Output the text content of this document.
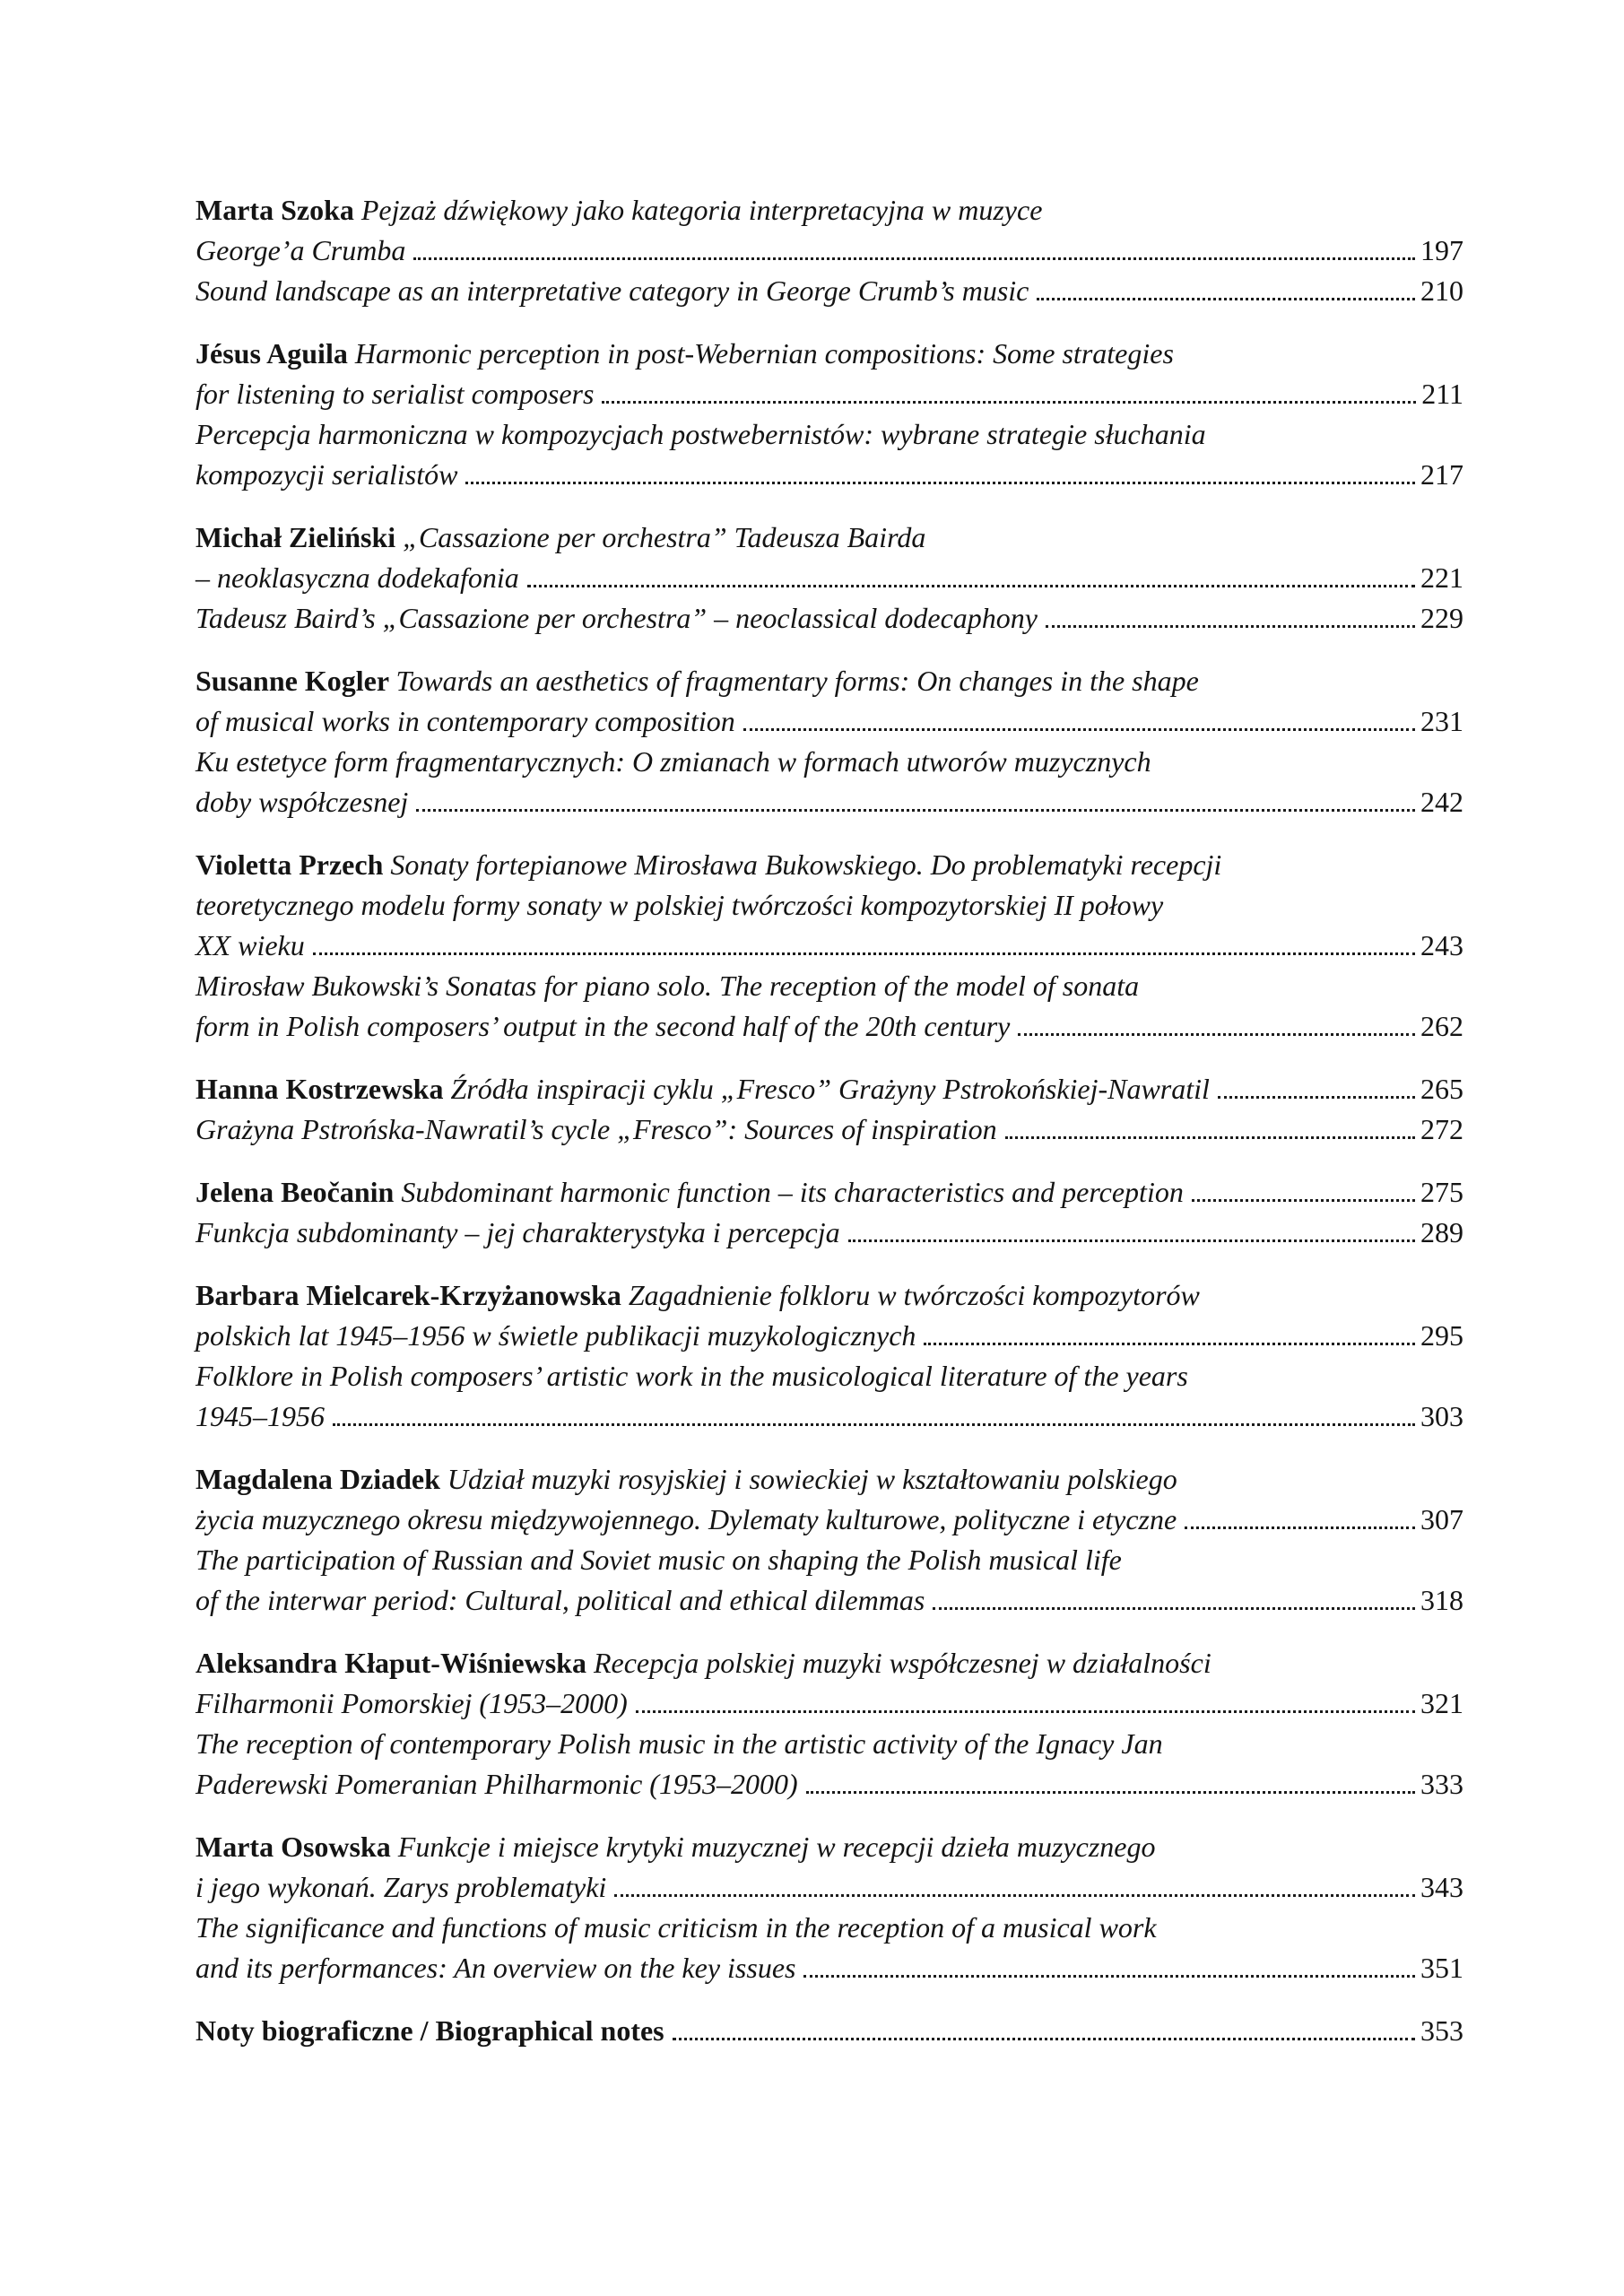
Marta Szoka Pejzaż dźwiękowy jako kategoria interpretacyjna w muzyce
George’a Crumba	197
Sound landscape as an interpretative category in George Crumb’s music	210
Jésus Aguila Harmonic perception in post-Webernian compositions: Some strategies
for listening to serialist composers	211
Percepcja harmoniczna w kompozycjach postwebernistów: wybrane strategie słuchania
kompozycji serialistów	217
Michał Zieliński „Cassazione per orchestra” Tadeusza Bairda
– neoklasyczna dodekafonia	221
Tadeusz Baird’s „Cassazione per orchestra” – neoclassical dodecaphony	229
Susanne Kogler Towards an aesthetics of fragmentary forms: On changes in the shape
of musical works in contemporary composition	231
Ku estetyce form fragmentarycznych: O zmianach w formach utworów muzycznych
doby współczesnej	242
Violetta Przech Sonaty fortepianowe Mirosława Bukowskiego. Do problematyki recepcji
teoretycznego modelu formy sonaty w polskiej twórczości kompozytorskiej II połowy
XX wieku	243
Mirosław Bukowski’s Sonatas for piano solo. The reception of the model of sonata
form in Polish composers’ output in the second half of the 20th century	262
Hanna Kostrzewska Źródła inspiracji cyklu „Fresco” Grażyny Pstrokońskiej-Nawratil	265
Grażyna Pstrońska-Nawratil’s cycle „Fresco”: Sources of inspiration	272
Jelena Beočanin Subdominant harmonic function – its characteristics and perception	275
Funkcja subdominanty – jej charakterystyka i percepcja	289
Barbara Mielcarek-Krzyżanowska Zagadnienie folkloru w twórczości kompozytorów
polskich lat 1945–1956 w świetle publikacji muzykologicznych	295
Folklore in Polish composers’ artistic work in the musicological literature of the years
1945–1956	303
Magdalena Dziadek Udział muzyki rosyjskiej i sowieckiej w kształtowaniu polskiego
życia muzycznego okresu międzywojennego. Dylematy kulturowe, polityczne i etyczne	307
The participation of Russian and Soviet music on shaping the Polish musical life
of the interwar period: Cultural, political and ethical dilemmas	318
Aleksandra Kłaput-Wiśniewska Recepcja polskiej muzyki współczesnej w działalności
Filharmonii Pomorskiej (1953–2000)	321
The reception of contemporary Polish music in the artistic activity of the Ignacy Jan
Paderewski Pomeranian Philharmonic (1953–2000)	333
Marta Osowska Funkcje i miejsce krytyki muzycznej w recepcji dzieła muzycznego
i jego wykonań. Zarys problematyki	343
The significance and functions of music criticism in the reception of a musical work
and its performances: An overview on the key issues	351
Noty biograficzne / Biographical notes	353
